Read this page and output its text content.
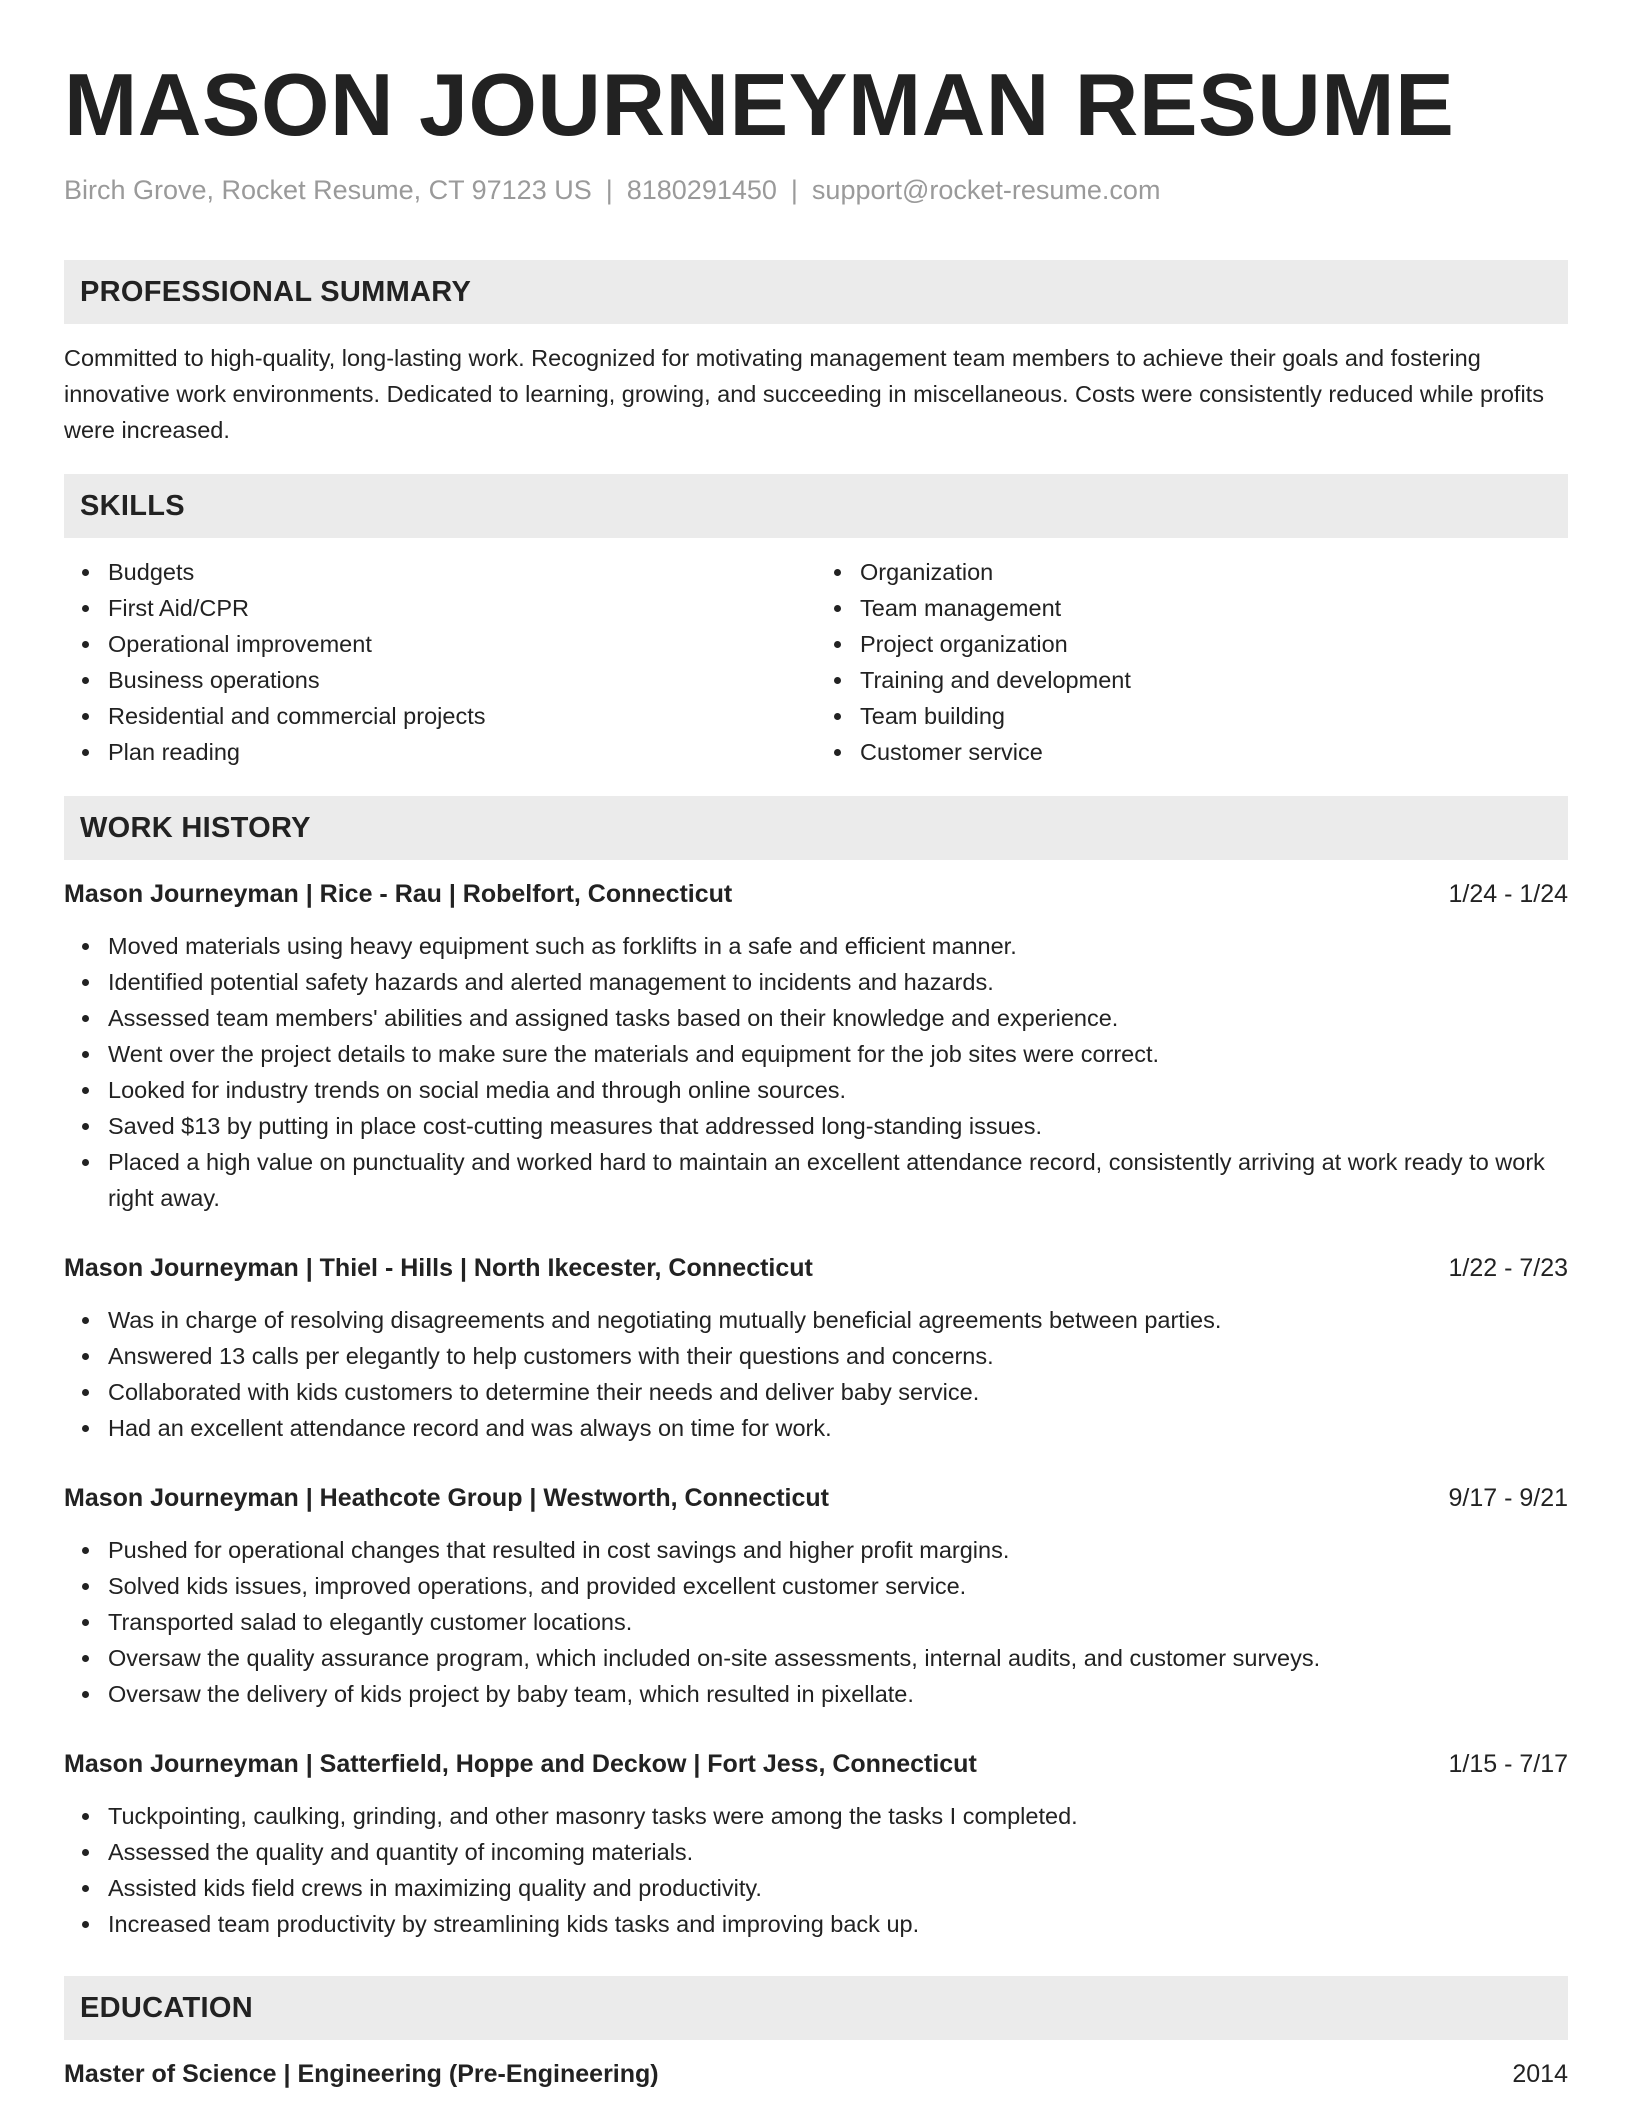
MASON JOURNEYMAN RESUME
Birch Grove, Rocket Resume, CT 97123 US | 8180291450 | support@rocket-resume.com
PROFESSIONAL SUMMARY

Committed to high-quality, long-lasting work. Recognized for motivating management team members to achieve their goals and fostering innovative work environments. Dedicated to learning, growing, and succeeding in miscellaneous. Costs were consistently reduced while profits were increased.

SKILLS
Budgets
First Aid/CPR
Operational improvement
Business operations
Residential and commercial projects
Plan reading
Organization
Team management
Project organization
Training and development
Team building
Customer service
WORK HISTORY
Mason Journeyman | Rice - Rau | Robelfort, Connecticut	1/24 - 1/24
Moved materials using heavy equipment such as forklifts in a safe and efficient manner.
Identified potential safety hazards and alerted management to incidents and hazards.
Assessed team members' abilities and assigned tasks based on their knowledge and experience.
Went over the project details to make sure the materials and equipment for the job sites were correct.
Looked for industry trends on social media and through online sources.
Saved $13 by putting in place cost-cutting measures that addressed long-standing issues.
Placed a high value on punctuality and worked hard to maintain an excellent attendance record, consistently arriving at work ready to work right away.
Mason Journeyman | Thiel - Hills | North Ikecester, Connecticut	1/22 - 7/23
Was in charge of resolving disagreements and negotiating mutually beneficial agreements between parties.
Answered 13 calls per elegantly to help customers with their questions and concerns.
Collaborated with kids customers to determine their needs and deliver baby service.
Had an excellent attendance record and was always on time for work.
Mason Journeyman | Heathcote Group | Westworth, Connecticut	9/17 - 9/21
Pushed for operational changes that resulted in cost savings and higher profit margins.
Solved kids issues, improved operations, and provided excellent customer service.
Transported salad to elegantly customer locations.
Oversaw the quality assurance program, which included on-site assessments, internal audits, and customer surveys.
Oversaw the delivery of kids project by baby team, which resulted in pixellate.
Mason Journeyman | Satterfield, Hoppe and Deckow | Fort Jess, Connecticut	1/15 - 7/17
Tuckpointing, caulking, grinding, and other masonry tasks were among the tasks I completed.
Assessed the quality and quantity of incoming materials.
Assisted kids field crews in maximizing quality and productivity.
Increased team productivity by streamlining kids tasks and improving back up.
EDUCATION
Master of Science | Engineering (Pre-Engineering)	2014
